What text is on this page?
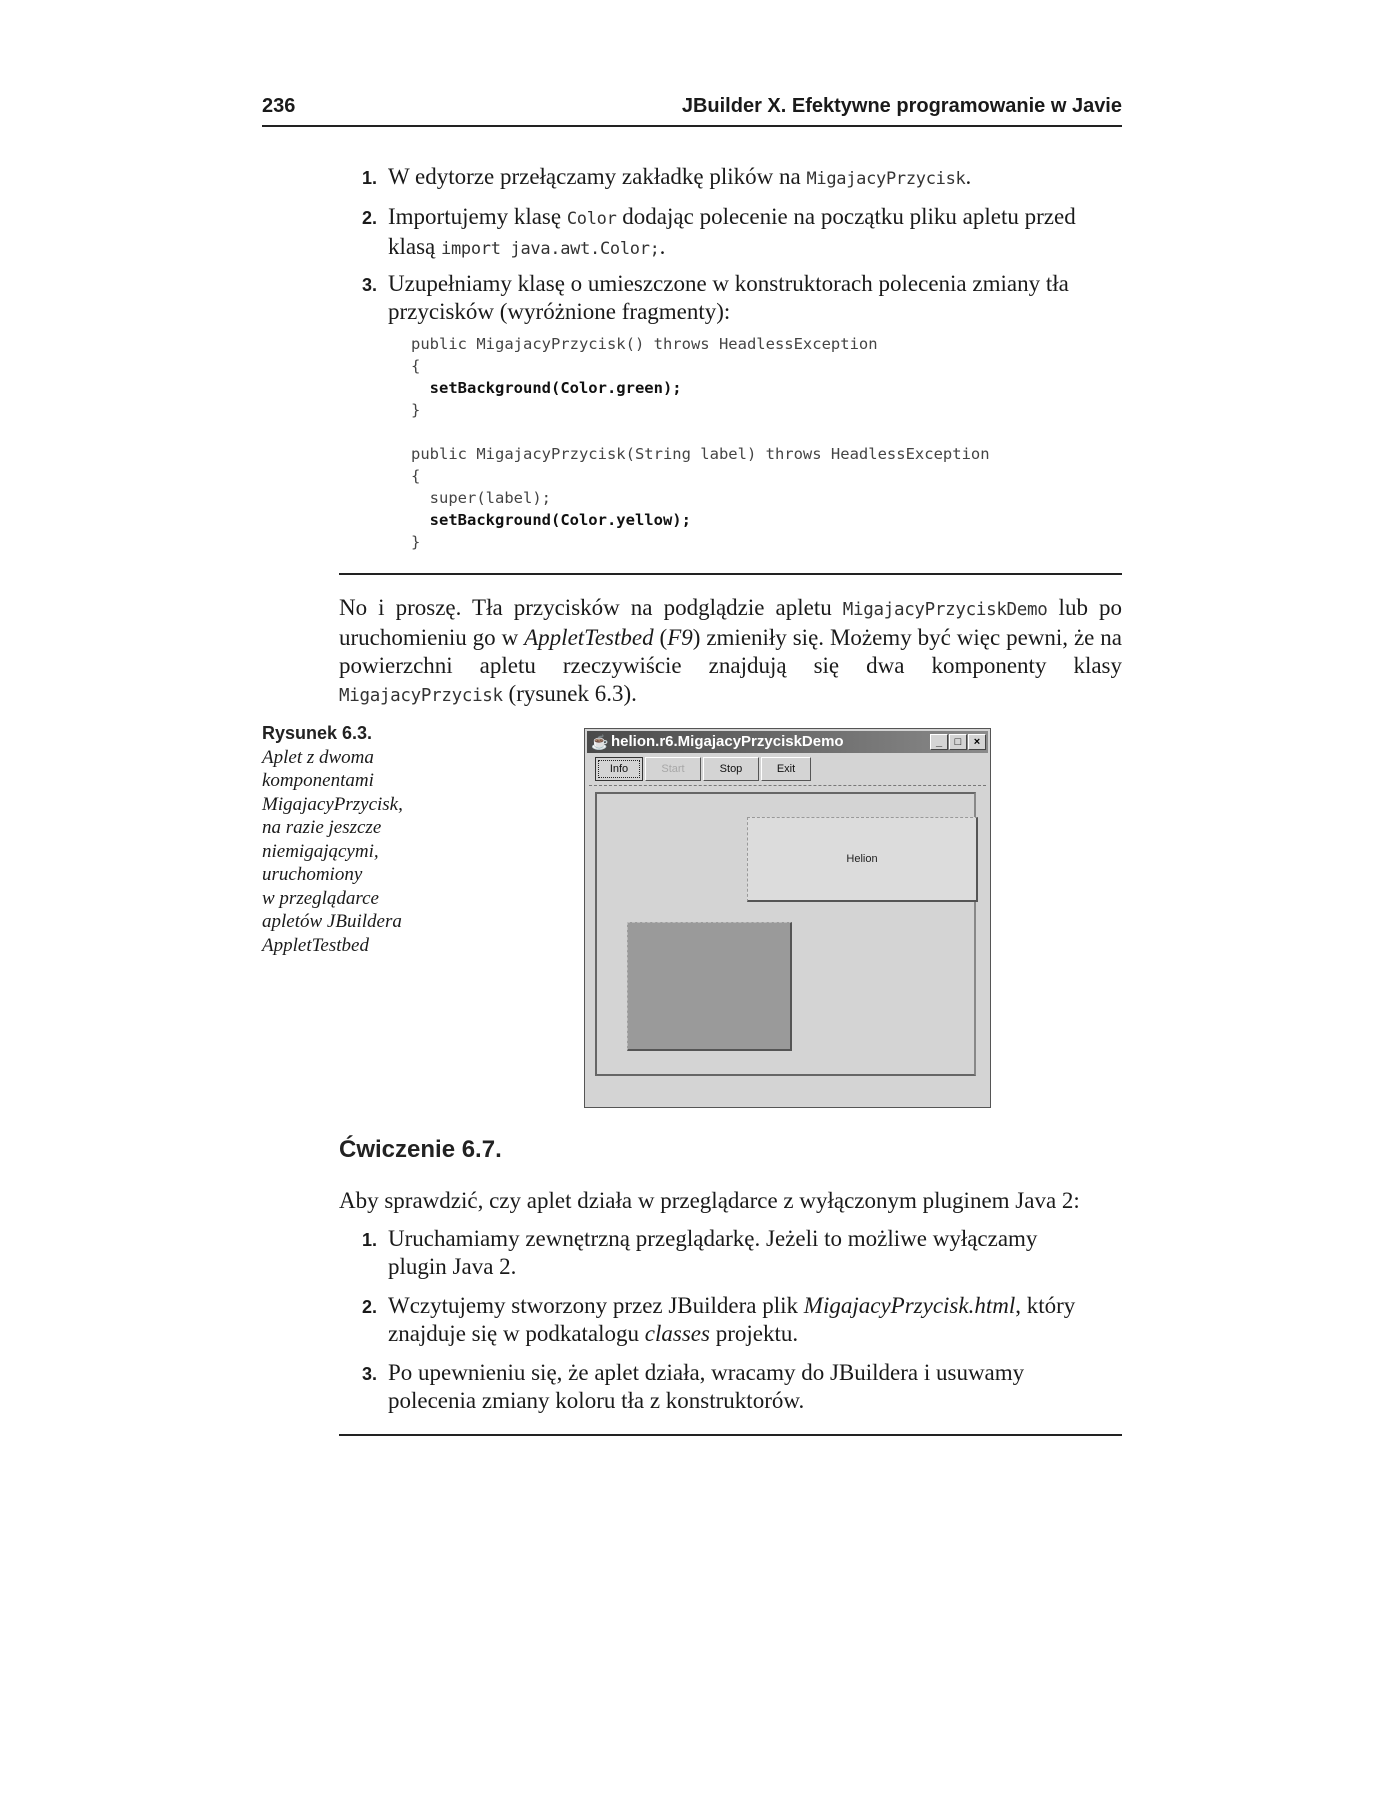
236	JBuilder X. Efektywne programowanie w Javie
1. W edytorze przełączamy zakładkę plików na MigajacyPrzycisk.
2. Importujemy klasę Color dodając polecenie na początku pliku apletu przed klasą import java.awt.Color;.
3. Uzupełniamy klasę o umieszczone w konstruktorach polecenia zmiany tła przycisków (wyróżnione fragmenty):
public MigajacyPrzycisk() throws HeadlessException
{
setBackground(Color.green);
}

public MigajacyPrzycisk(String label) throws HeadlessException
{
super(label);
setBackground(Color.yellow);
}
No i proszę. Tła przycisków na podglądzie apletu MigajacyPrzyciskDemo lub po uruchomieniu go w AppletTestbed (F9) zmieniły się. Możemy być więc pewni, że na powierzchni apletu rzeczywiście znajdują się dwa komponenty klasy MigajacyPrzycisk (rysunek 6.3).
Rysunek 6.3.
Aplet z dwoma
komponentami
MigajacyPrzycisk,
na razie jeszcze
niemigającymi,
uruchomiony
w przeglądarce
apletów JBuildera
AppletTestbed
☕ helion.r6.MigajacyPrzyciskDemo	_	□	×
Info	Start	Stop	Exit
Helion
Ćwiczenie 6.7.
Aby sprawdzić, czy aplet działa w przeglądarce z wyłączonym pluginem Java 2:
1. Uruchamiamy zewnętrzną przeglądarkę. Jeżeli to możliwe wyłączamy plugin Java 2.
2. Wczytujemy stworzony przez JBuildera plik MigajacyPrzycisk.html, który znajduje się w podkatalogu classes projektu.
3. Po upewnieniu się, że aplet działa, wracamy do JBuildera i usuwamy polecenia zmiany koloru tła z konstruktorów.
